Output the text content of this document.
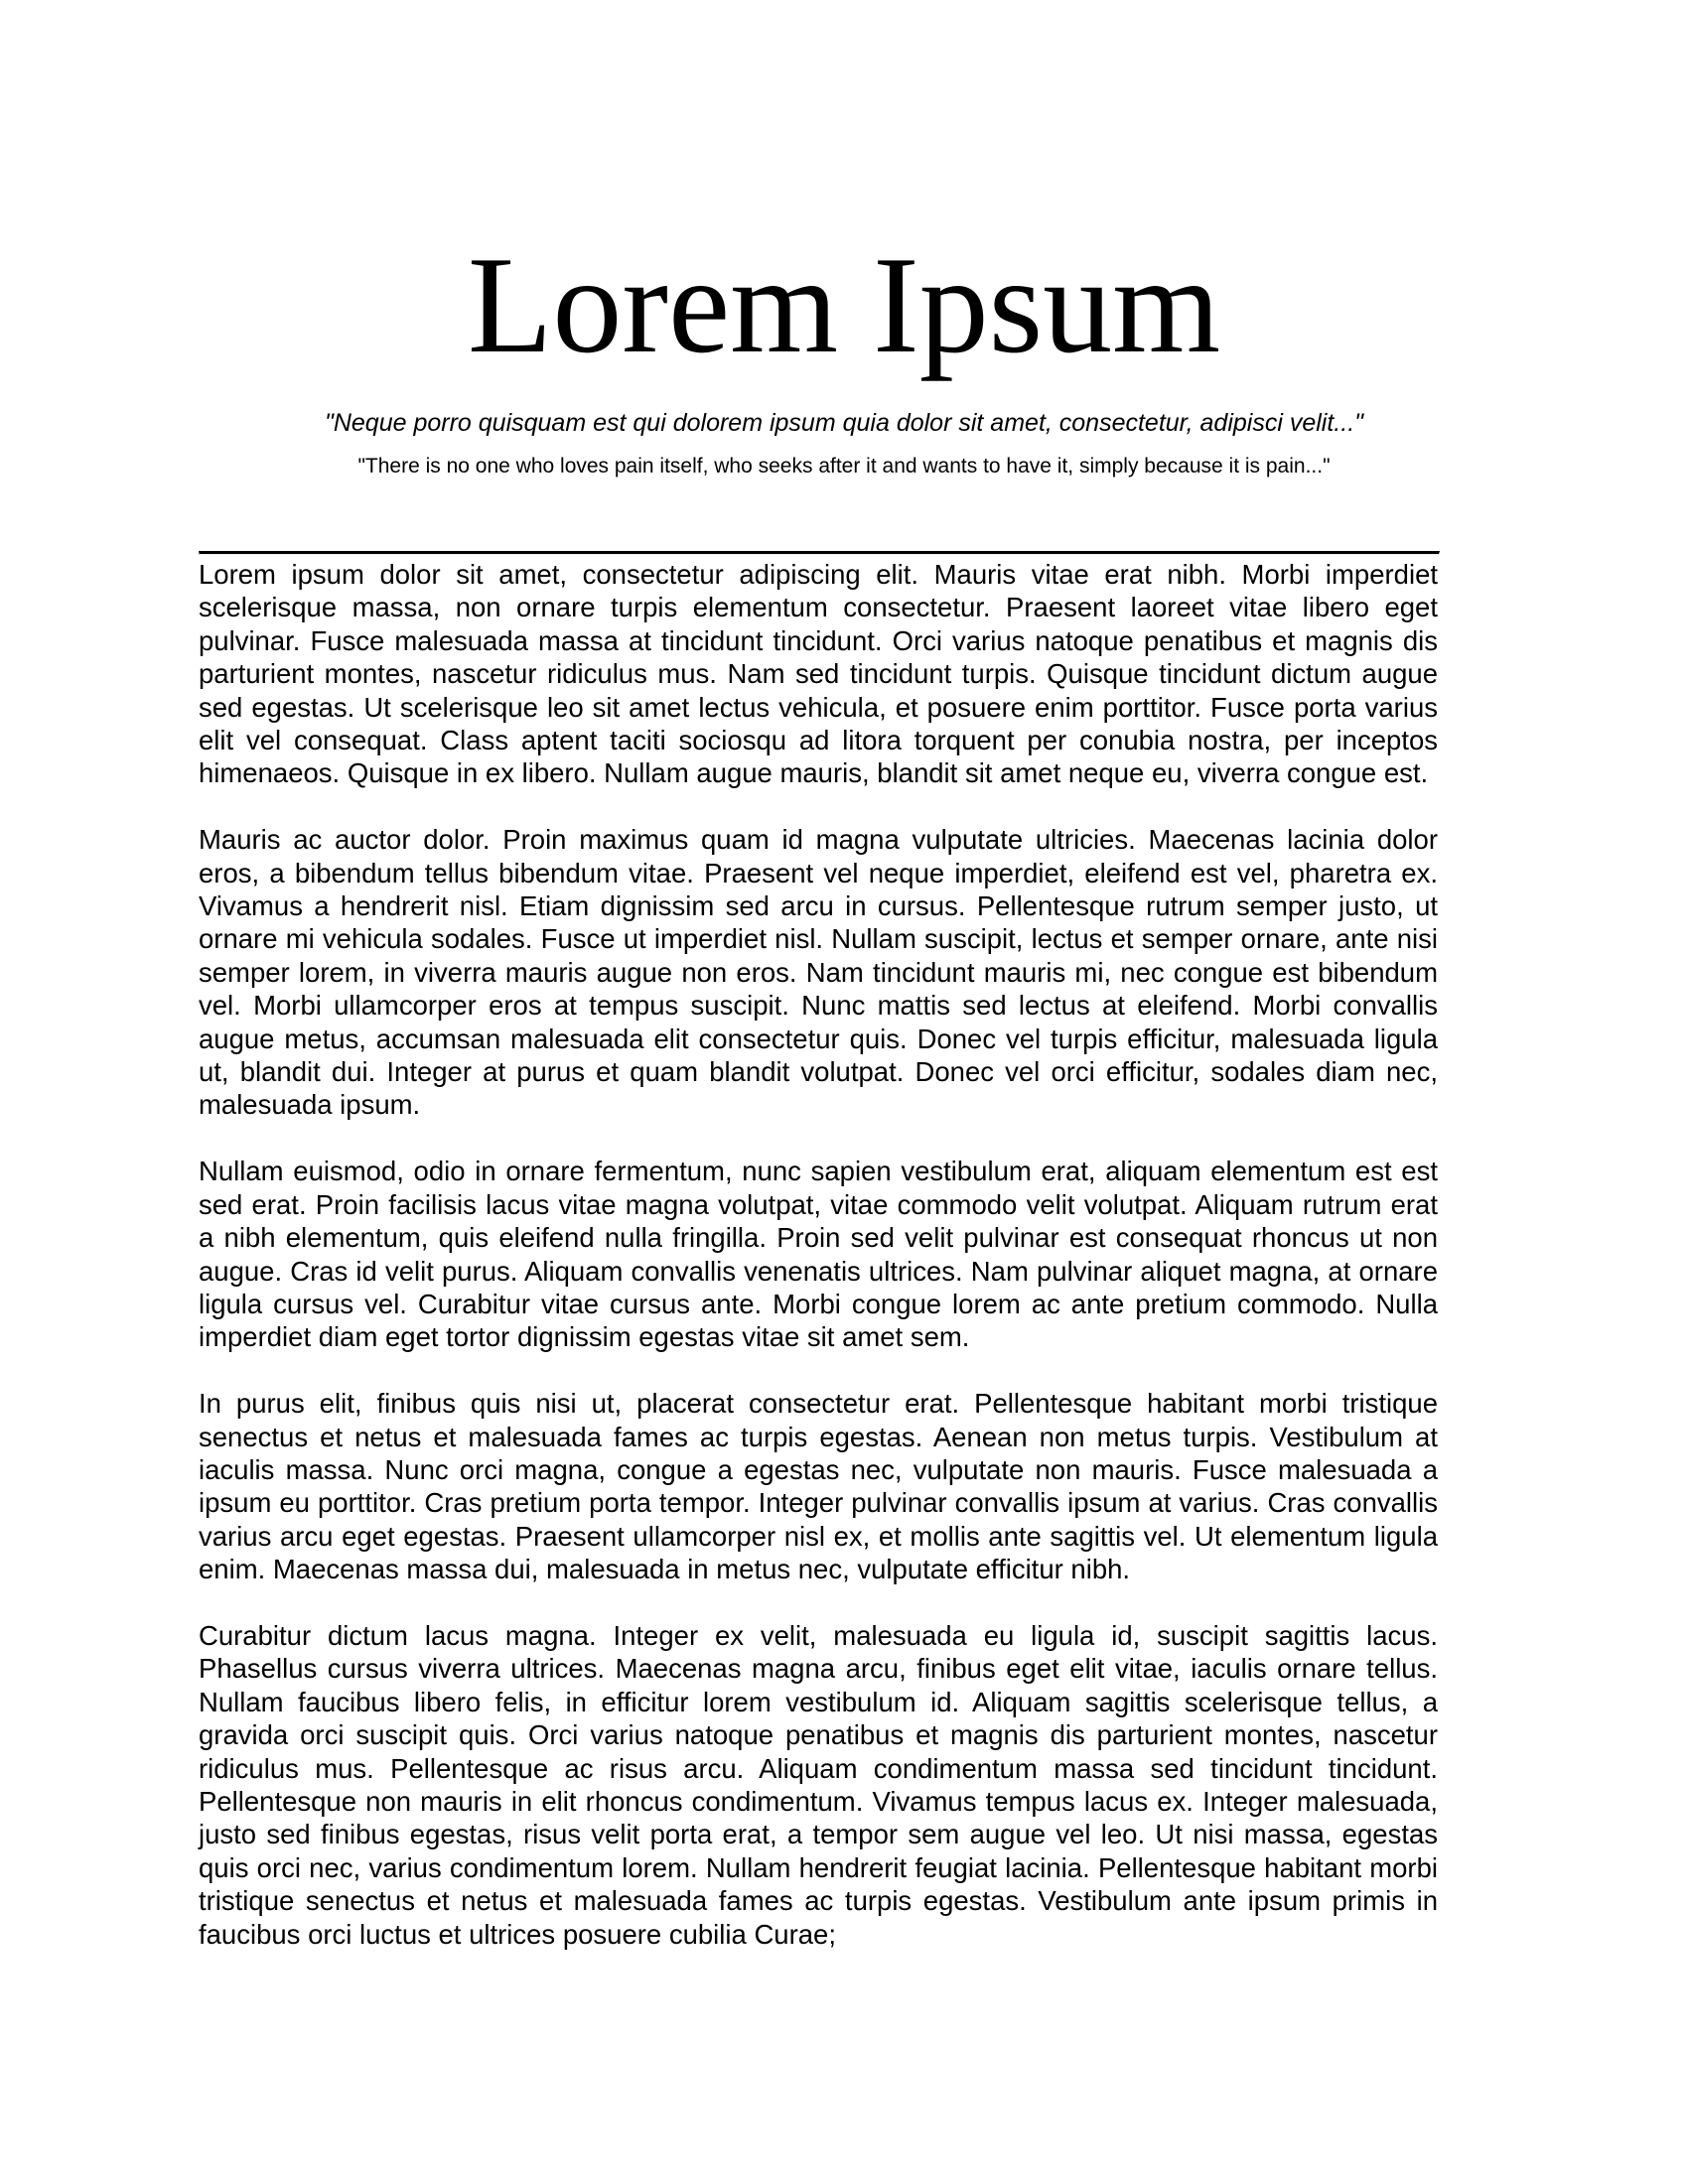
Lorem Ipsum

"Neque porro quisquam est qui dolorem ipsum quia dolor sit amet, consectetur, adipisci velit..."

"There is no one who loves pain itself, who seeks after it and wants to have it, simply because it is pain..."

Lorem ipsum dolor sit amet, consectetur adipiscing elit. Mauris vitae erat nibh. Morbi imperdiet scelerisque massa, non ornare turpis elementum consectetur. Praesent laoreet vitae libero eget pulvinar. Fusce malesuada massa at tincidunt tincidunt. Orci varius natoque penatibus et magnis dis parturient montes, nascetur ridiculus mus. Nam sed tincidunt turpis. Quisque tincidunt dictum augue sed egestas. Ut scelerisque leo sit amet lectus vehicula, et posuere enim porttitor. Fusce porta varius elit vel consequat. Class aptent taciti sociosqu ad litora torquent per conubia nostra, per inceptos himenaeos. Quisque in ex libero. Nullam augue mauris, blandit sit amet neque eu, viverra congue est.

Mauris ac auctor dolor. Proin maximus quam id magna vulputate ultricies. Maecenas lacinia dolor eros, a bibendum tellus bibendum vitae. Praesent vel neque imperdiet, eleifend est vel, pharetra ex. Vivamus a hendrerit nisl. Etiam dignissim sed arcu in cursus. Pellentesque rutrum semper justo, ut ornare mi vehicula sodales. Fusce ut imperdiet nisl. Nullam suscipit, lectus et semper ornare, ante nisi semper lorem, in viverra mauris augue non eros. Nam tincidunt mauris mi, nec congue est bibendum vel. Morbi ullamcorper eros at tempus suscipit. Nunc mattis sed lectus at eleifend. Morbi convallis augue metus, accumsan malesuada elit consectetur quis. Donec vel turpis efficitur, malesuada ligula ut, blandit dui. Integer at purus et quam blandit volutpat. Donec vel orci efficitur, sodales diam nec, malesuada ipsum.

Nullam euismod, odio in ornare fermentum, nunc sapien vestibulum erat, aliquam elementum est est sed erat. Proin facilisis lacus vitae magna volutpat, vitae commodo velit volutpat. Aliquam rutrum erat a nibh elementum, quis eleifend nulla fringilla. Proin sed velit pulvinar est consequat rhoncus ut non augue. Cras id velit purus. Aliquam convallis venenatis ultrices. Nam pulvinar aliquet magna, at ornare ligula cursus vel. Curabitur vitae cursus ante. Morbi congue lorem ac ante pretium commodo. Nulla imperdiet diam eget tortor dignissim egestas vitae sit amet sem.

In purus elit, finibus quis nisi ut, placerat consectetur erat. Pellentesque habitant morbi tristique senectus et netus et malesuada fames ac turpis egestas. Aenean non metus turpis. Vestibulum at iaculis massa. Nunc orci magna, congue a egestas nec, vulputate non mauris. Fusce malesuada a ipsum eu porttitor. Cras pretium porta tempor. Integer pulvinar convallis ipsum at varius. Cras convallis varius arcu eget egestas. Praesent ullamcorper nisl ex, et mollis ante sagittis vel. Ut elementum ligula enim. Maecenas massa dui, malesuada in metus nec, vulputate efficitur nibh.

Curabitur dictum lacus magna. Integer ex velit, malesuada eu ligula id, suscipit sagittis lacus. Phasellus cursus viverra ultrices. Maecenas magna arcu, finibus eget elit vitae, iaculis ornare tellus. Nullam faucibus libero felis, in efficitur lorem vestibulum id. Aliquam sagittis scelerisque tellus, a gravida orci suscipit quis. Orci varius natoque penatibus et magnis dis parturient montes, nascetur ridiculus mus. Pellentesque ac risus arcu. Aliquam condimentum massa sed tincidunt tincidunt. Pellentesque non mauris in elit rhoncus condimentum. Vivamus tempus lacus ex. Integer malesuada, justo sed finibus egestas, risus velit porta erat, a tempor sem augue vel leo. Ut nisi massa, egestas quis orci nec, varius condimentum lorem. Nullam hendrerit feugiat lacinia. Pellentesque habitant morbi tristique senectus et netus et malesuada fames ac turpis egestas. Vestibulum ante ipsum primis in faucibus orci luctus et ultrices posuere cubilia Curae;
